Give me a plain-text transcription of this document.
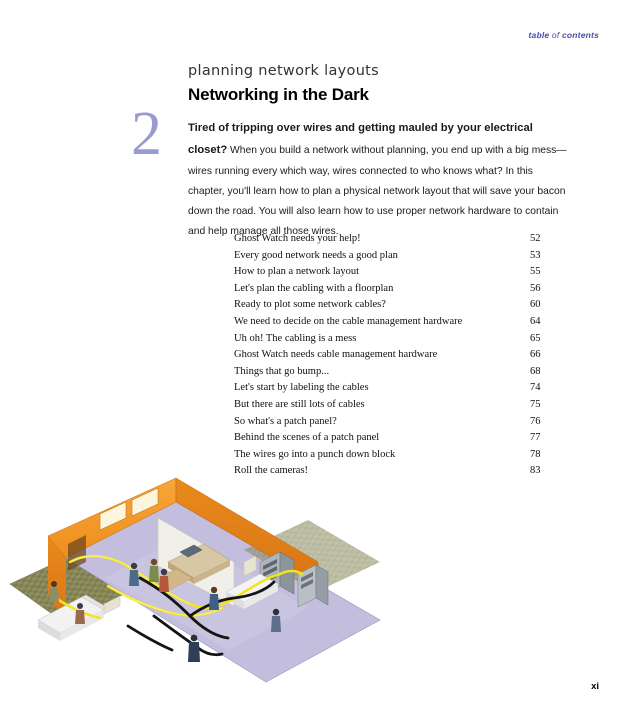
table of contents
2

planning network layouts

Networking in the Dark

Tired of tripping over wires and getting mauled by your electrical closet? When you build a network without planning, you end up with a big mess—wires running every which way, wires connected to who knows what? In this chapter, you'll learn how to plan a physical network layout that will save your bacon down the road. You will also learn how to use proper network hardware to contain and help manage all those wires.

Ghost Watch needs your help!	52
Every good network needs a good plan	53
How to plan a network layout	55
Let's plan the cabling with a floorplan	56
Ready to plot some network cables?	60
We need to decide on the cable management hardware	64
Uh oh! The cabling is a mess	65
Ghost Watch needs cable management hardware	66
Things that go bump...	68
Let's start by labeling the cables	74
But there are still lots of cables	75
So what's a patch panel?	76
Behind the scenes of a patch panel	77
The wires go into a punch down block	78
Roll the cameras!	83
xi
